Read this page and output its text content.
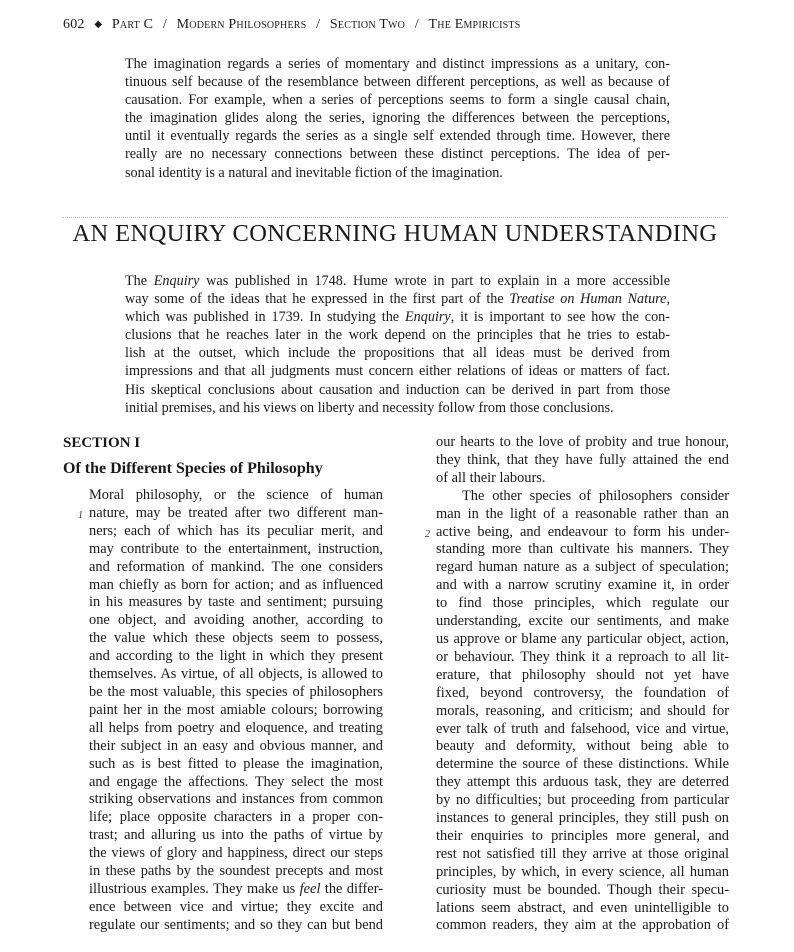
602 ◆ Part C / Modern Philosophers / Section Two / The Empiricists
The imagination regards a series of momentary and distinct impressions as a unitary, con-
tinuous self because of the resemblance between different perceptions, as well as because of
causation. For example, when a series of perceptions seems to form a single causal chain,
the imagination glides along the series, ignoring the differences between the perceptions,
until it eventually regards the series as a single self extended through time. However, there
really are no necessary connections between these distinct perceptions. The idea of per-
sonal identity is a natural and inevitable fiction of the imagination.
AN ENQUIRY CONCERNING HUMAN UNDERSTANDING
The Enquiry was published in 1748. Hume wrote in part to explain in a more accessible
way some of the ideas that he expressed in the first part of the Treatise on Human Nature,
which was published in 1739. In studying the Enquiry, it is important to see how the con-
clusions that he reaches later in the work depend on the principles that he tries to estab-
lish at the outset, which include the propositions that all ideas must be derived from
impressions and that all judgments must concern either relations of ideas or matters of fact.
His skeptical conclusions about causation and induction can be derived in part from those
initial premises, and his views on liberty and necessity follow from those conclusions.
SECTION I
Of the Different Species of Philosophy
1
Moral philosophy, or the science of human
nature, may be treated after two different man-
ners; each of which has its peculiar merit, and
may contribute to the entertainment, instruction,
and reformation of mankind. The one considers
man chiefly as born for action; and as influenced
in his measures by taste and sentiment; pursuing
one object, and avoiding another, according to
the value which these objects seem to possess,
and according to the light in which they present
themselves. As virtue, of all objects, is allowed to
be the most valuable, this species of philosophers
paint her in the most amiable colours; borrowing
all helps from poetry and eloquence, and treating
their subject in an easy and obvious manner, and
such as is best fitted to please the imagination,
and engage the affections. They select the most
striking observations and instances from common
life; place opposite characters in a proper con-
trast; and alluring us into the paths of virtue by
the views of glory and happiness, direct our steps
in these paths by the soundest precepts and most
illustrious examples. They make us feel the differ-
ence between vice and virtue; they excite and
regulate our sentiments; and so they can but bend
our hearts to the love of probity and true honour,
they think, that they have fully attained the end
of all their labours.
2
The other species of philosophers consider
man in the light of a reasonable rather than an
active being, and endeavour to form his under-
standing more than cultivate his manners. They
regard human nature as a subject of speculation;
and with a narrow scrutiny examine it, in order
to find those principles, which regulate our
understanding, excite our sentiments, and make
us approve or blame any particular object, action,
or behaviour. They think it a reproach to all lit-
erature, that philosophy should not yet have
fixed, beyond controversy, the foundation of
morals, reasoning, and criticism; and should for
ever talk of truth and falsehood, vice and virtue,
beauty and deformity, without being able to
determine the source of these distinctions. While
they attempt this arduous task, they are deterred
by no difficulties; but proceeding from particular
instances to general principles, they still push on
their enquiries to principles more general, and
rest not satisfied till they arrive at those original
principles, by which, in every science, all human
curiosity must be bounded. Though their specu-
lations seem abstract, and even unintelligible to
common readers, they aim at the approbation of
